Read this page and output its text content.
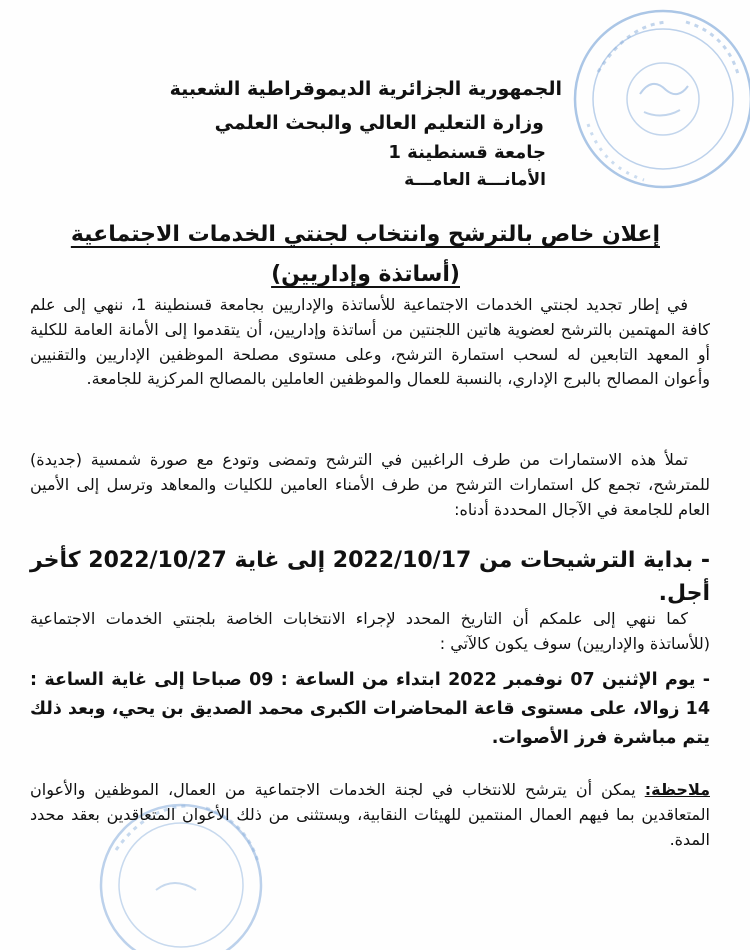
الجمهورية الجزائرية الديموقراطية الشعبية
وزارة التعليم العالي والبحث العلمي
جامعة قسنطينة 1
الأمانـــة العامـــة
إعلان خاص بالترشح وانتخاب لجنتي الخدمات الاجتماعية
(أساتذة وإداريين)
في إطار تجديد لجنتي الخدمات الاجتماعية للأساتذة والإداريين بجامعة قسنطينة 1، ننهي إلى علم كافة المهتمين بالترشح لعضوية هاتين اللجنتين من أساتذة وإداريين، أن يتقدموا إلى الأمانة العامة للكلية أو المعهد التابعين له لسحب استمارة الترشح، وعلى مستوى مصلحة الموظفين الإداريين والتقنيين وأعوان المصالح بالبرج الإداري، بالنسبة للعمال والموظفين العاملين بالمصالح المركزية للجامعة.
تملأ هذه الاستمارات من طرف الراغبين في الترشح وتمضى وتودع مع صورة شمسية (جديدة) للمترشح، تجمع كل استمارات الترشح من طرف الأمناء العامين للكليات والمعاهد وترسل إلى الأمين العام للجامعة في الآجال المحددة أدناه:
- بداية الترشيحات من 2022/10/17 إلى غاية 2022/10/27 كأخر أجل.
كما ننهي إلى علمكم أن التاريخ المحدد لإجراء الانتخابات الخاصة بلجنتي الخدمات الاجتماعية (للأساتذة والإداريين) سوف يكون كالآتي :
- يوم الإثنين 07 نوفمبر 2022 ابتداء من الساعة : 09 صباحا إلى غاية الساعة : 14 زوالا، على مستوى قاعة المحاضرات الكبرى محمد الصديق بن يحي، وبعد ذلك يتم مباشرة فرز الأصوات.
ملاحظة: يمكن أن يترشح للانتخاب في لجنة الخدمات الاجتماعية من العمال، الموظفين والأعوان المتعاقدين بما فيهم العمال المنتمين للهيئات النقابية، ويستثنى من ذلك الأعوان المتعاقدين بعقد محدد المدة.
